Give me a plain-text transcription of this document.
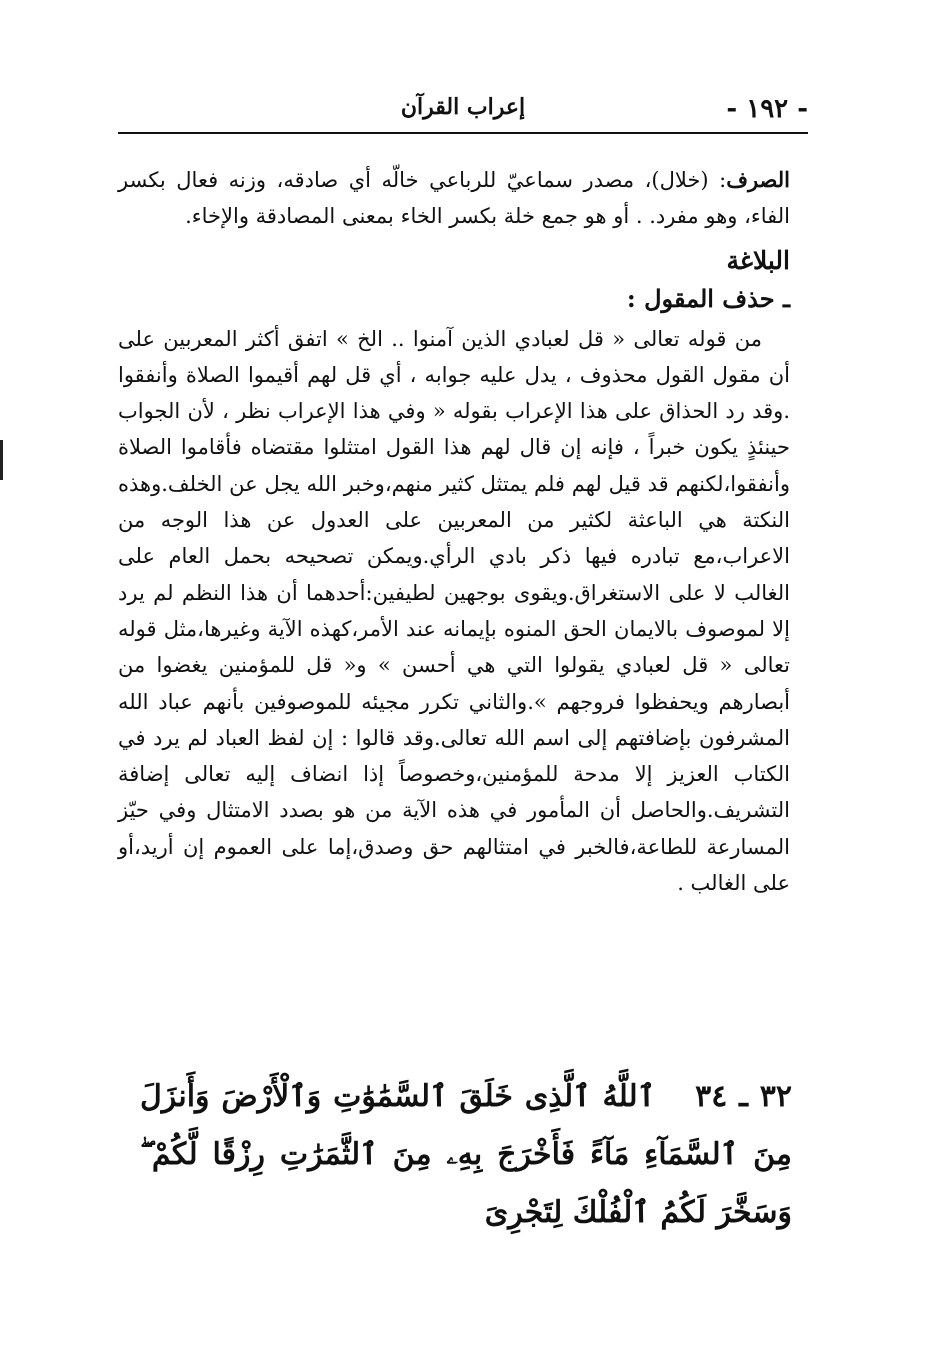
- ١٩٢ -
إعراب القرآن

الصرف: (خلال)، مصدر سماعيّ للرباعي خالّه أي صادقه، وزنه فعال بكسر الفاء، وهو مفرد. . أو هو جمع خلة بكسر الخاء بمعنى المصادقة والإخاء.

البلاغة
ـ حذف المقول :

من قوله تعالى « قل لعبادي الذين آمنوا .. الخ » اتفق أكثر المعربين على أن مقول القول محذوف ، يدل عليه جوابه ، أي قل لهم أقيموا الصلاة وأنفقوا .وقد رد الحذاق على هذا الإعراب بقوله « وفي هذا الإعراب نظر ، لأن الجواب حينئذٍ يكون خبراً ، فإنه إن قال لهم هذا القول امتثلوا مقتضاه فأقاموا الصلاة وأنفقوا،لكنهم قد قيل لهم فلم يمتثل كثير منهم،وخبر الله يجل عن الخلف.وهذه النكتة هي الباعثة لكثير من المعربين على العدول عن هذا الوجه من الاعراب،مع تبادره فيها ذكر بادي الرأي.ويمكن تصحيحه بحمل العام على الغالب لا على الاستغراق.ويقوى بوجهين لطيفين:أحدهما أن هذا النظم لم يرد إلا لموصوف بالايمان الحق المنوه بإيمانه عند الأمر،كهذه الآية وغيرها،مثل قوله تعالى « قل لعبادي يقولوا التي هي أحسن » و« قل للمؤمنين يغضوا من أبصارهم ويحفظوا فروجهم ».والثاني تكرر مجيئه للموصوفين بأنهم عباد الله المشرفون بإضافتهم إلى اسم الله تعالى.وقد قالوا : إن لفظ العباد لم يرد في الكتاب العزيز إلا مدحة للمؤمنين،وخصوصاً إذا انضاف إليه تعالى إضافة التشريف.والحاصل أن المأمور في هذه الآية من هو بصدد الامتثال وفي حيّز المسارعة للطاعة،فالخبر في امتثالهم حق وصدق،إما على العموم إن أريد،أو على الغالب .

٣٢ ـ ٣٤ ٱللَّهُ ٱلَّذِى خَلَقَ ٱلسَّمَٰوَٰتِ وَٱلْأَرْضَ وَأَنزَلَ مِنَ ٱلسَّمَآءِ مَآءً فَأَخْرَجَ بِهِۦ مِنَ ٱلثَّمَرَٰتِ رِزْقًا لَّكُمْ ۖ وَسَخَّرَ لَكُمُ ٱلْفُلْكَ لِتَجْرِىَ
